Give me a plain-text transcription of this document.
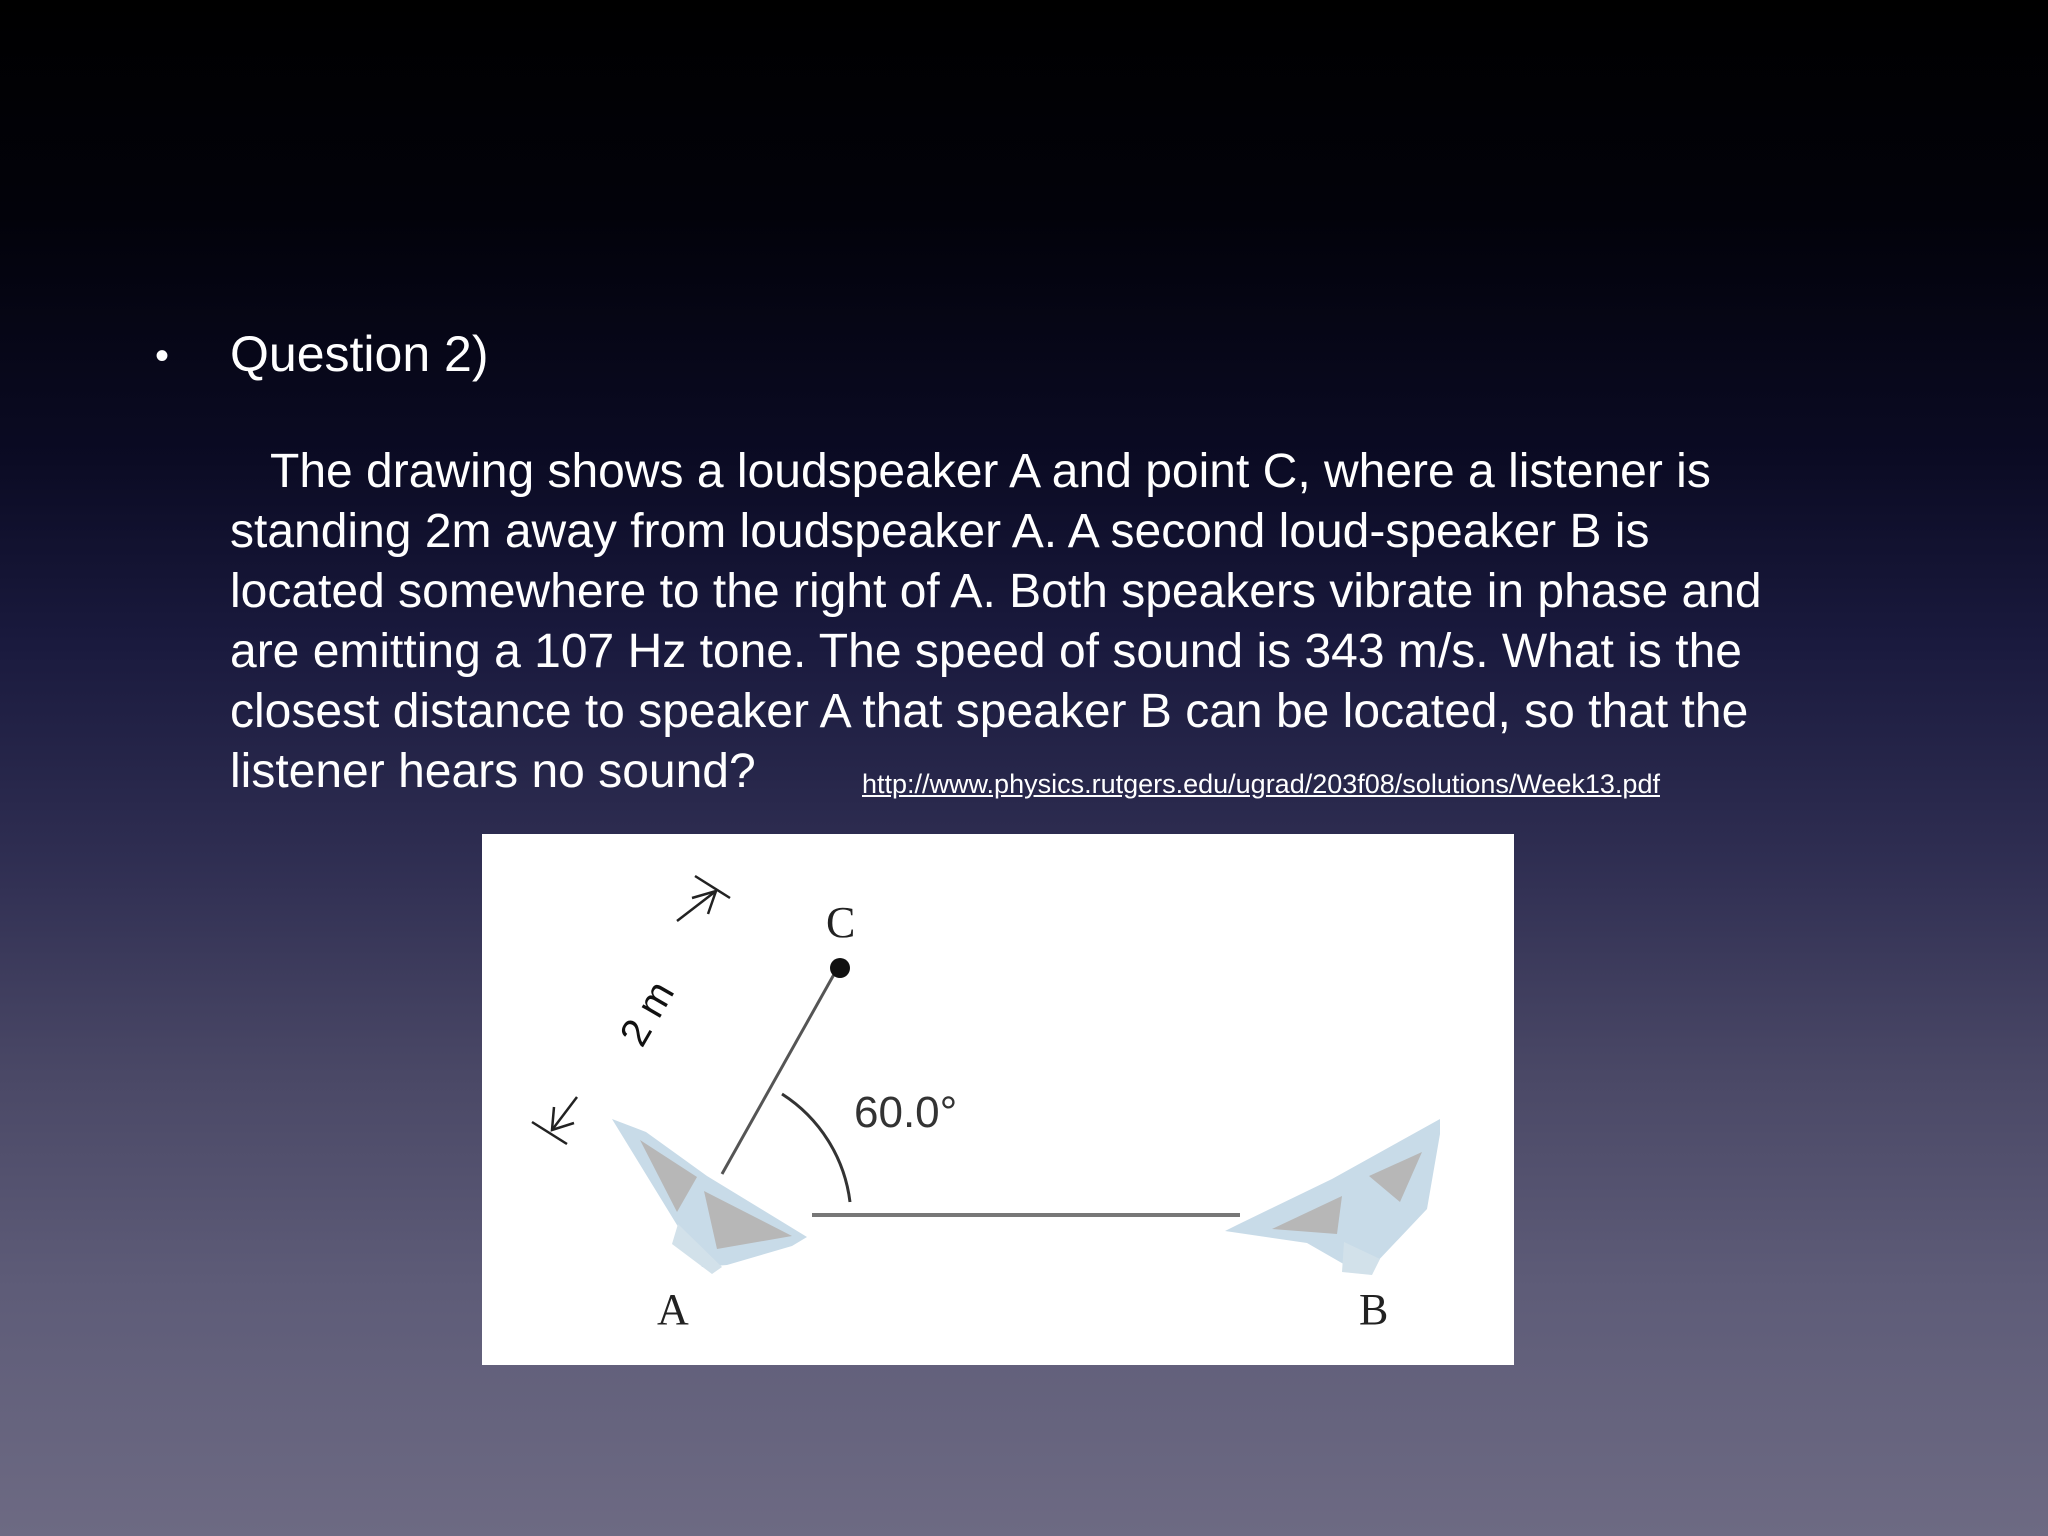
• Question 2)
The drawing shows a loudspeaker A and point C, where a listener is
standing 2m away from loudspeaker A. A second loud-speaker B is
located somewhere to the right of A. Both speakers vibrate in phase and
are emitting a 107 Hz tone. The speed of sound is 343 m/s. What is the
closest distance to speaker A that speaker B can be located, so that the
listener hears no sound?	http://www.physics.rutgers.edu/ugrad/203f08/solutions/Week13.pdf
2 m
C
60.0°
A	B
